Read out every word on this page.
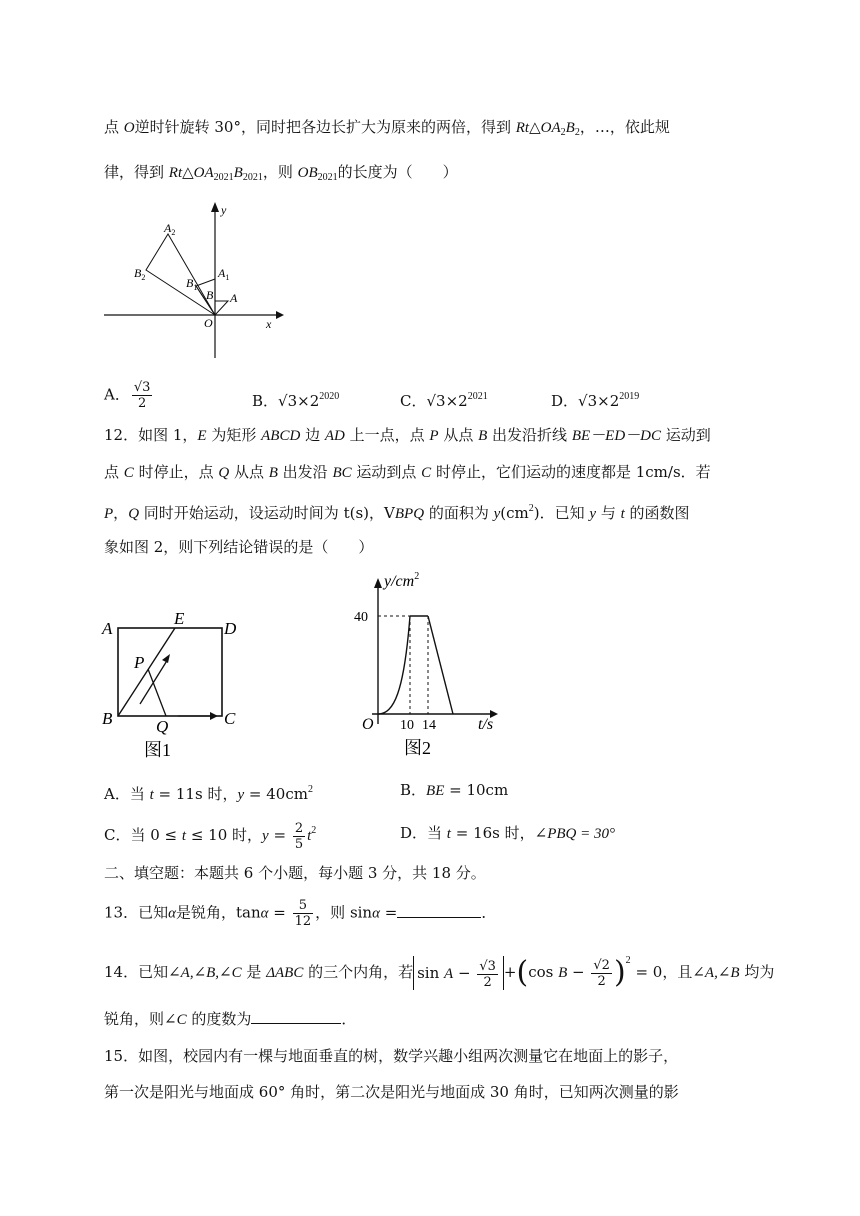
点 O逆时针旋转 30°，同时把各边长扩大为原来的两倍，得到 $Rt\triangle OA_2B_2$，…，依此规
律，得到 $Rt\triangle OA_{2021}B_{2021}$，则 $OB_{2021}$的长度为（　　）
y
x
O
A
B
$A_1$
$B_1$
$A_2$
$B_2$
A． $\frac{√3}{2}$	B．$√3\times 2^{2020}$	C．$√3\times 2^{2021}$	D．$√3\times 2^{2019}$
12．如图 1，E 为矩形 ABCD 边 AD 上一点，点 P 从点 B 出发沿折线 BE－ED－DC 运动到
点 C 时停止，点 Q 从点 B 出发沿 BC 运动到点 C 时停止，它们运动的速度都是 1cm/s．若
P，Q 同时开始运动，设运动时间为 t(s)，VBPQ 的面积为 $y(cm^2)$．已知 y 与 t 的函数图
象如图 2，则下列结论错误的是（　　）
A
E
D
P
B	Q	C
图1
$y/cm^2$
40
O 10 14	t/s
图2
A．当 t = 11s 时，$y = 40cm^2$	B．BE = 10cm
C．当 0 ≤ t ≤ 10 时，$y = \frac{2}{5} t^2$	D．当 t = 16s 时，∠PBQ = 30°
二、填空题：本题共 6 个小题，每小题 3 分，共 18 分。
13．已知α是锐角，$\tan\alpha = \frac{5}{12}$ ，则 sinα =	．
14．已知∠A,∠B,∠C 是 ΔABC 的三个内角，若 $\sin A - \frac{√3}{2} +(\cos$ $B - \frac{√2}{2} )^2 = 0$，且∠A,∠B 均为
锐角，则∠C 的度数为	．
15．如图，校园内有一棵与地面垂直的树，数学兴趣小组两次测量它在地面上的影子，
第一次是阳光与地面成 60° 角时，第二次是阳光与地面成 30 角时，已知两次测量的影
